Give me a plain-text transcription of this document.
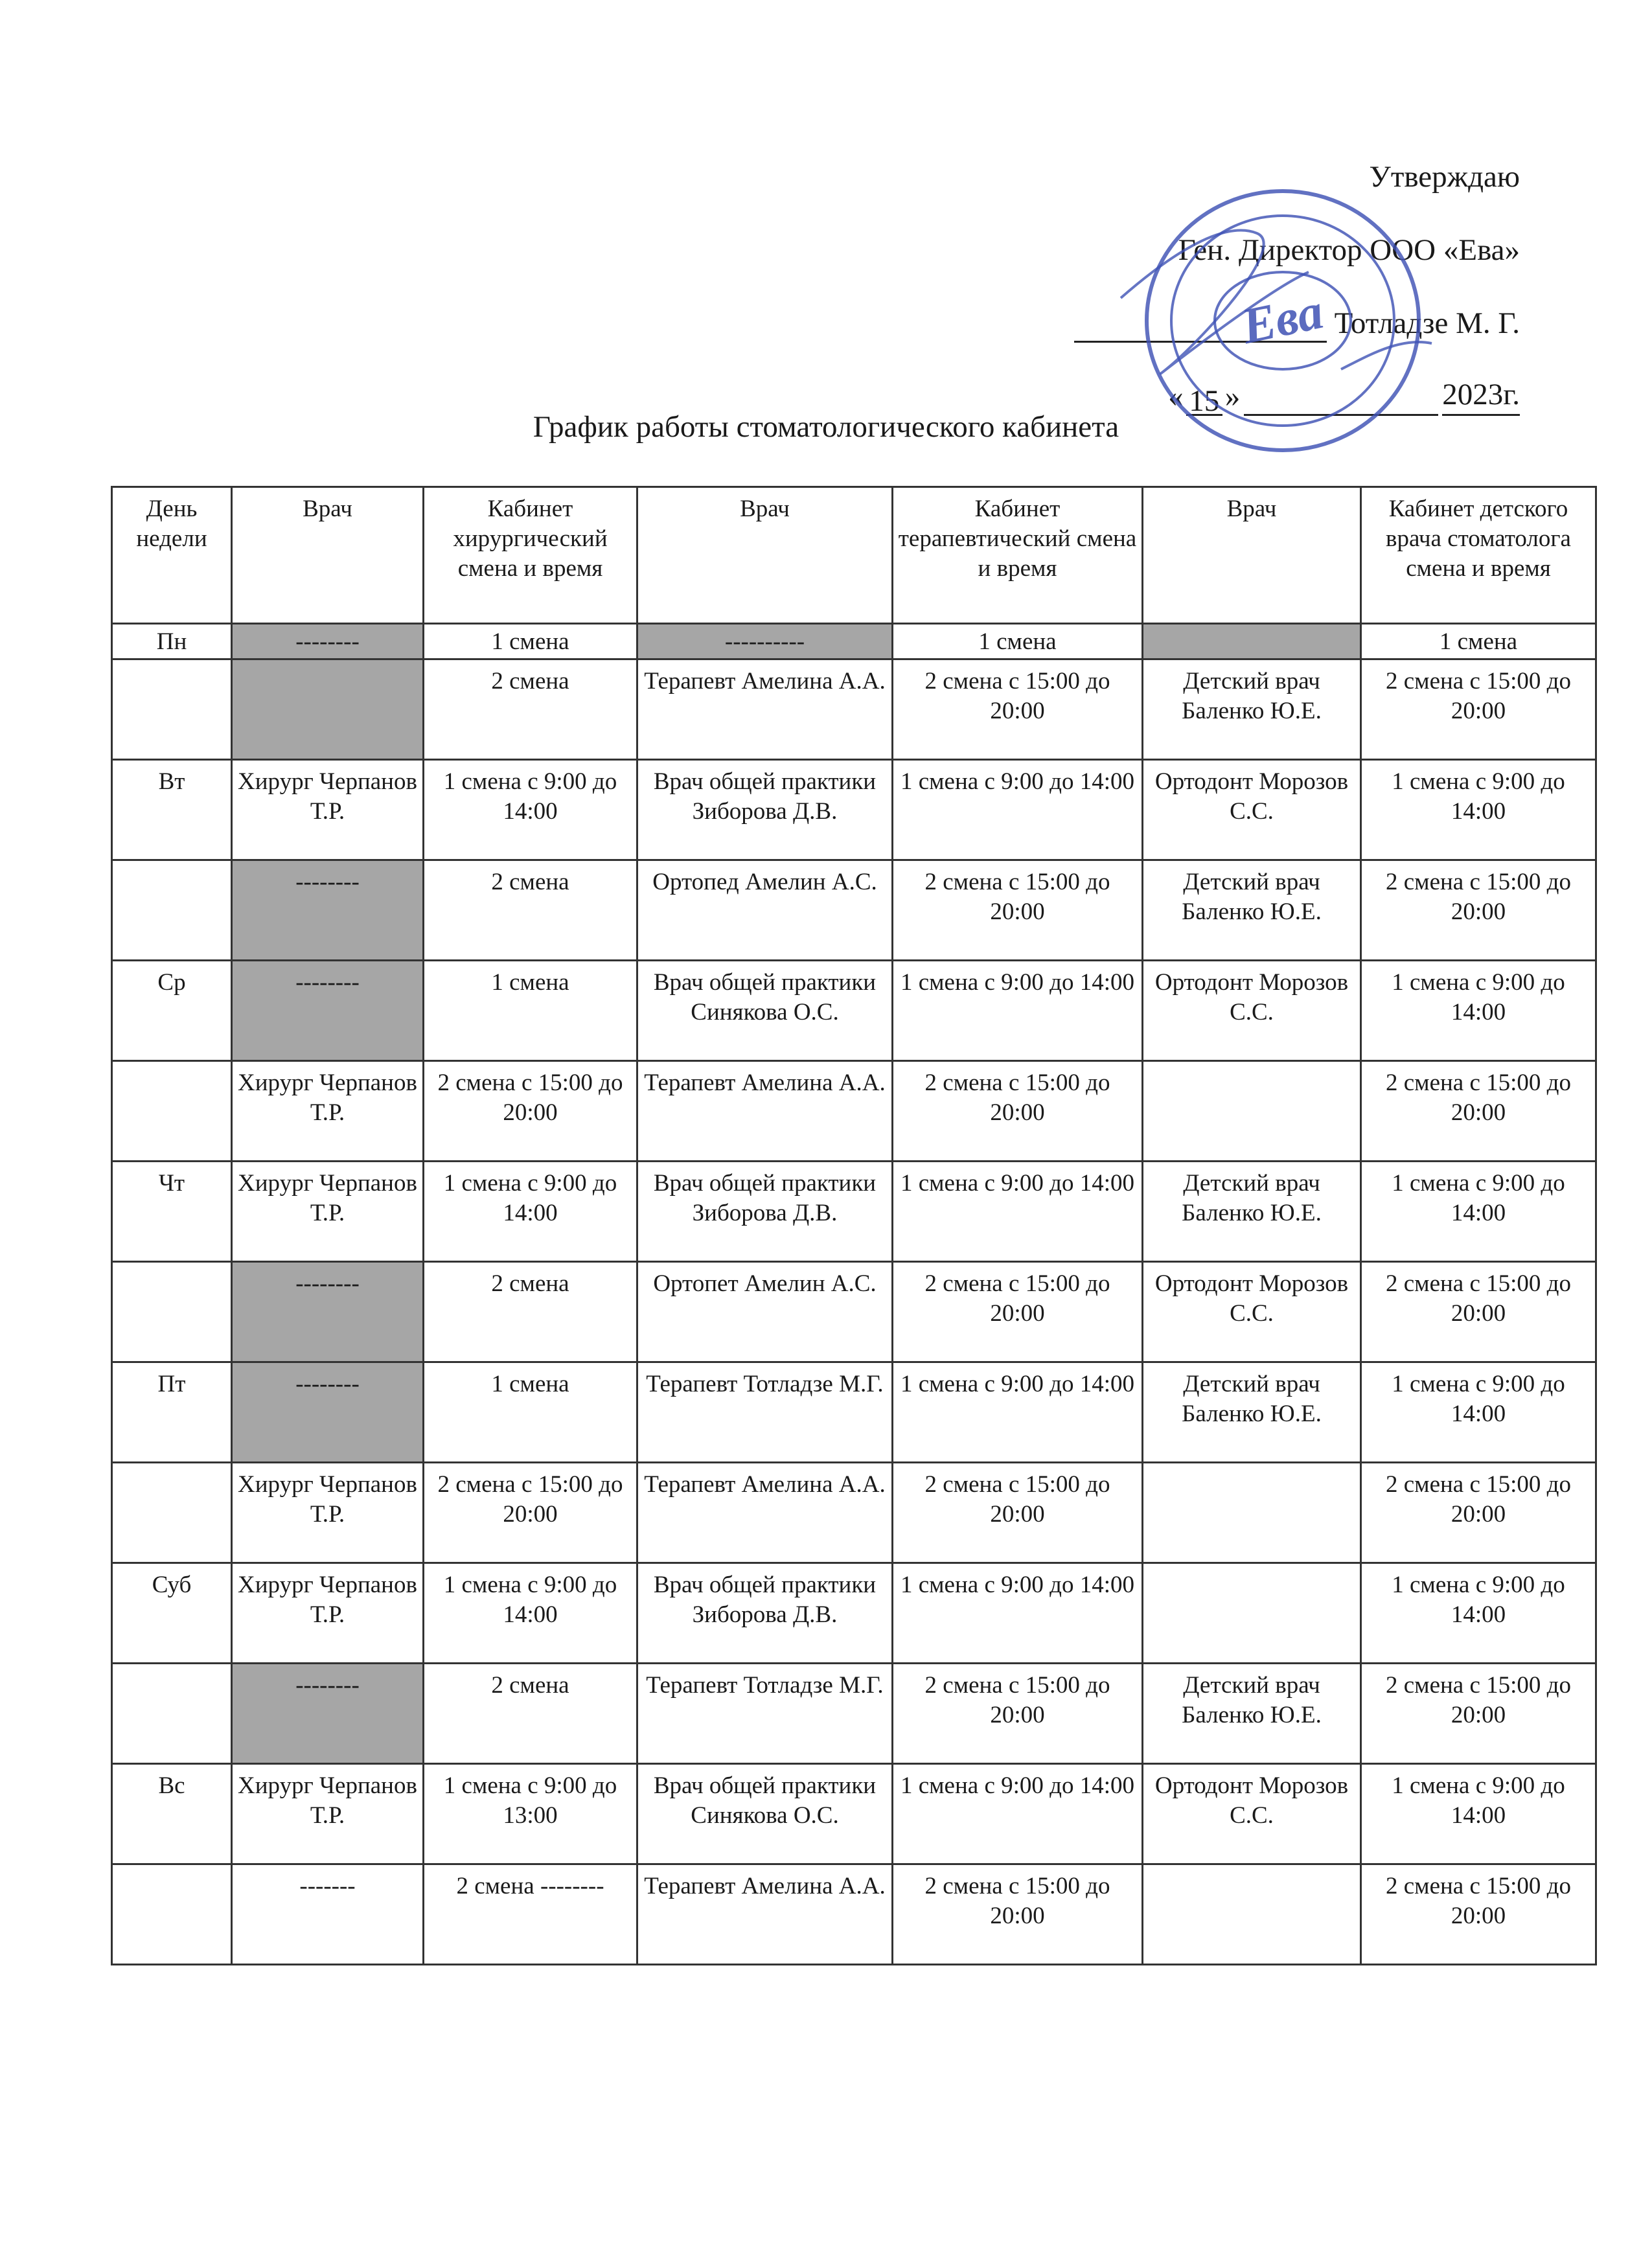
Утверждаю
Ген. Директор ООО «Ева»
Тотладзе М. Г.
« 15 »	2023г.
Ева
График работы стоматологического кабинета
День недели	Врач	Кабинет хирургический смена и время	Врач	Кабинет терапевтический смена и время	Врач	Кабинет детского врача стоматолога смена и время
Пн	--------	1 смена	----------	1 смена		1 смена
		2 смена	Терапевт Амелина А.А.	2 смена с 15:00 до 20:00	Детский врач Баленко Ю.Е.	2 смена с 15:00 до 20:00
Вт	Хирург Черпанов Т.Р.	1 смена с 9:00 до 14:00	Врач общей практики Зиборова Д.В.	1 смена с 9:00 до 14:00	Ортодонт Морозов С.С.	1 смена с 9:00 до 14:00
	--------	2 смена	Ортопед Амелин А.С.	2 смена с 15:00 до 20:00	Детский врач Баленко Ю.Е.	2 смена с 15:00 до 20:00
Ср	--------	1 смена	Врач общей практики Синякова О.С.	1 смена с 9:00 до 14:00	Ортодонт Морозов С.С.	1 смена с 9:00 до 14:00
	Хирург Черпанов Т.Р.	2 смена с 15:00 до 20:00	Терапевт Амелина А.А.	2 смена с 15:00 до 20:00		2 смена с 15:00 до 20:00
Чт	Хирург Черпанов Т.Р.	1 смена с 9:00 до 14:00	Врач общей практики Зиборова Д.В.	1 смена с 9:00 до 14:00	Детский врач Баленко Ю.Е.	1 смена с 9:00 до 14:00
	--------	2 смена	Ортопет Амелин А.С.	2 смена с 15:00 до 20:00	Ортодонт Морозов С.С.	2 смена с 15:00 до 20:00
Пт	--------	1 смена	Терапевт Тотладзе М.Г.	1 смена с 9:00 до 14:00	Детский врач Баленко Ю.Е.	1 смена с 9:00 до 14:00
	Хирург Черпанов Т.Р.	2 смена с 15:00 до 20:00	Терапевт Амелина А.А.	2 смена с 15:00 до 20:00		2 смена с 15:00 до 20:00
Суб	Хирург Черпанов Т.Р.	1 смена с 9:00 до 14:00	Врач общей практики Зиборова Д.В.	1 смена с 9:00 до 14:00		1 смена с 9:00 до 14:00
	--------	2 смена	Терапевт Тотладзе М.Г.	2 смена с 15:00 до 20:00	Детский врач Баленко Ю.Е.	2 смена с 15:00 до 20:00
Вс	Хирург Черпанов Т.Р.	1 смена с 9:00 до 13:00	Врач общей практики Синякова О.С.	1 смена с 9:00 до 14:00	Ортодонт Морозов С.С.	1 смена с 9:00 до 14:00
	-------	2 смена --------	Терапевт Амелина А.А.	2 смена с 15:00 до 20:00		2 смена с 15:00 до 20:00
